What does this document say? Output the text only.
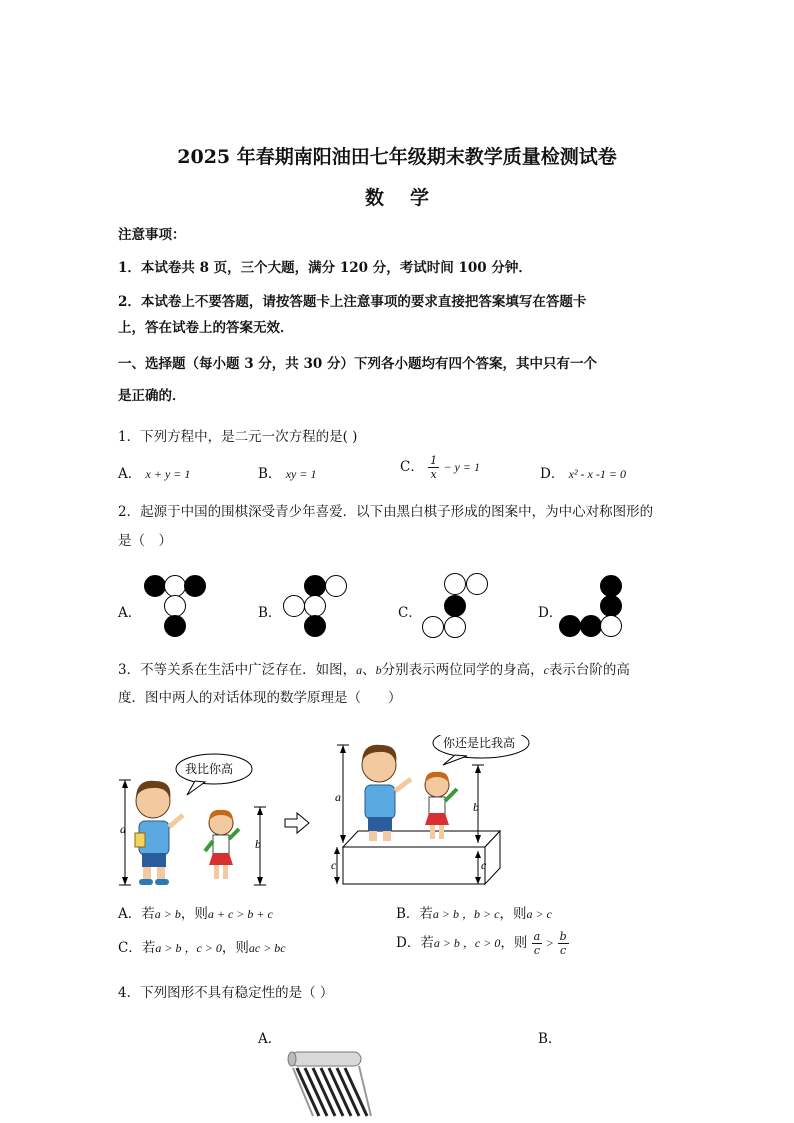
2025 年春期南阳油田七年级期末教学质量检测试卷
数学
注意事项：
1．本试卷共 8 页，三个大题，满分 120 分，考试时间 100 分钟．
2．本试卷上不要答题，请按答题卡上注意事项的要求直接把答案填写在答题卡
上，答在试卷上的答案无效．
一、选择题（每小题 3 分，共 30 分）下列各小题均有四个答案，其中只有一个
是正确的．
1．下列方程中，是二元一次方程的是( )
A． x + y = 1	B． xy = 1	C． $\frac{1}{x} - y = 1$	D． x² - x -1 = 0
2．起源于中国的围棋深受青少年喜爱．以下由黑白棋子形成的图案中，为中心对称图形的
是（　）
A．	B．	C．	D．
3．不等关系在生活中广泛存在．如图，a、b分别表示两位同学的身高，c表示台阶的高
度．图中两人的对话体现的数学原理是（　　）
a
b
我比你高
c	c
a
b
你还是比我高
A．若a > b，则a + c > b + c	B．若a > b ，b > c，则a > c
C．若a > b ，c > 0，则ac > bc	D．若a > b ，c > 0，则 $\frac{a}{c} > \frac{b}{c}$
4．下列图形不具有稳定性的是（ ）
A.	B.
